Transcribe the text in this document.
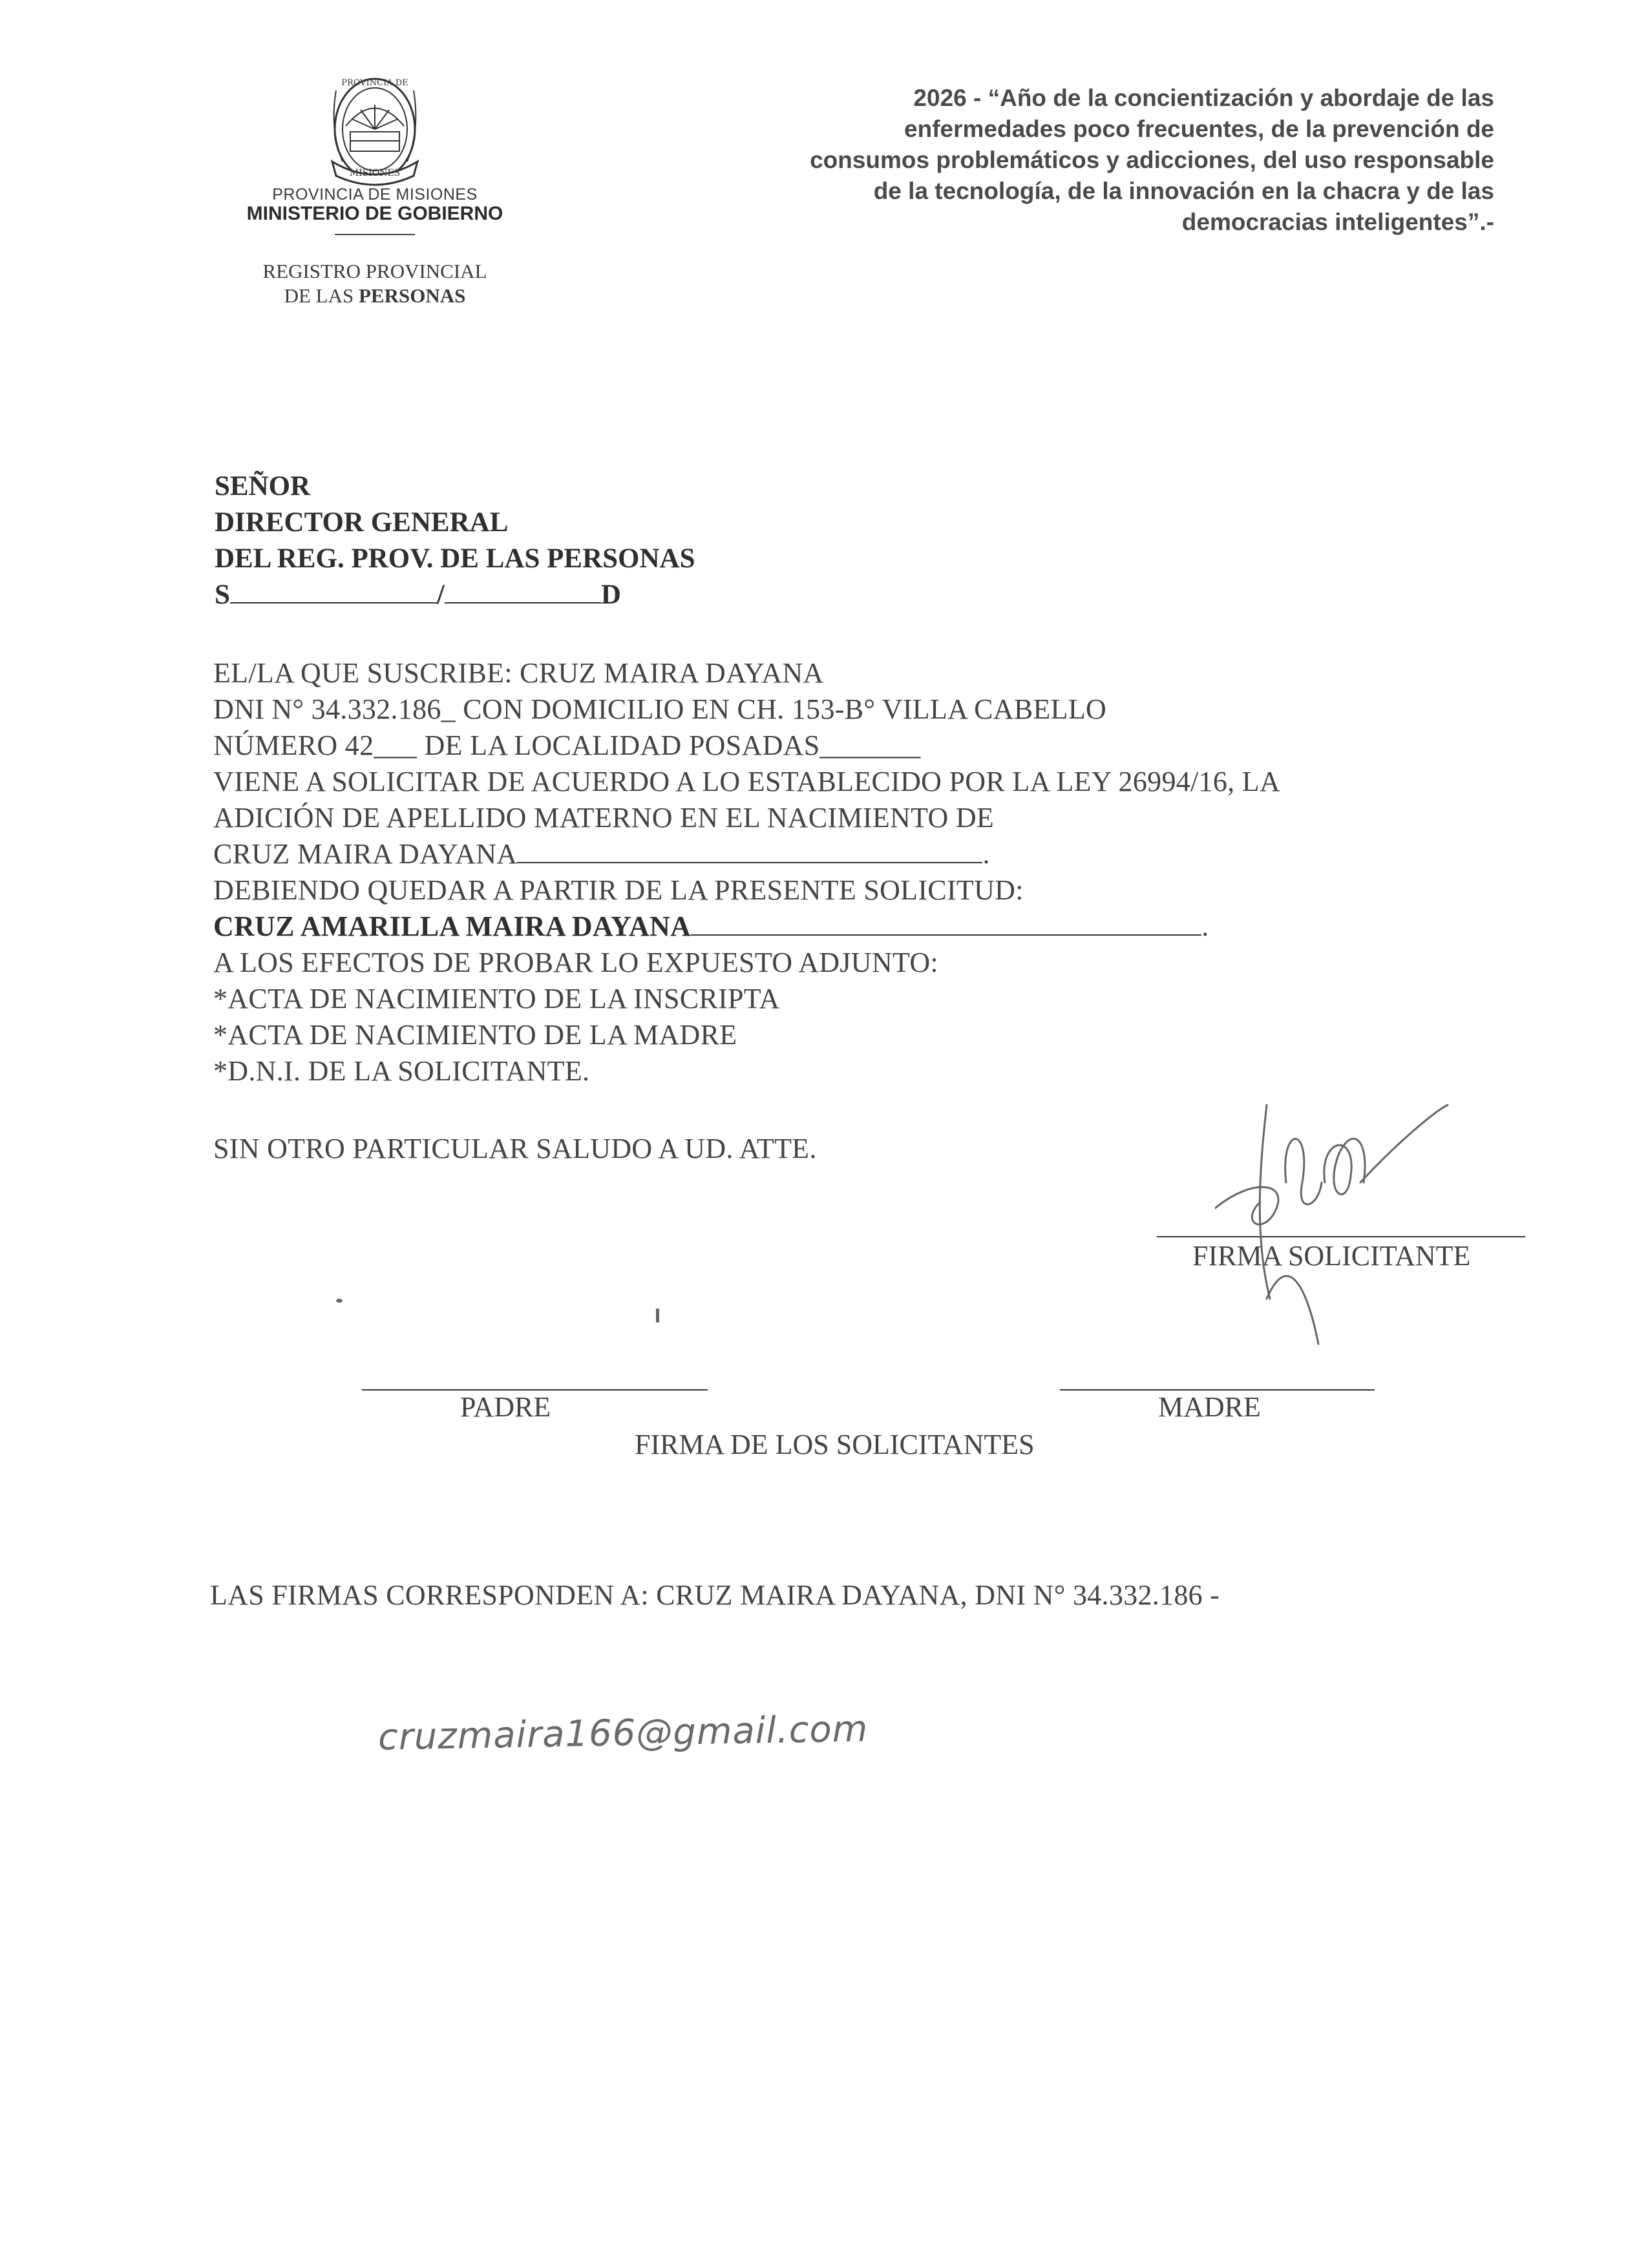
PROVINCIA DE
MISIONES
PROVINCIA DE MISIONES
MINISTERIO DE GOBIERNO
REGISTRO PROVINCIAL
DE LAS PERSONAS
2026 - “Año de la concientización y abordaje de las
enfermedades poco frecuentes, de la prevención de
consumos problemáticos y adicciones, del uso responsable
de la tecnología, de la innovación en la chacra y de las
democracias inteligentes”.-
SEÑOR
DIRECTOR GENERAL
DEL REG. PROV. DE LAS PERSONAS
S	/	D
EL/LA QUE SUSCRIBE: CRUZ MAIRA DAYANA
DNI N° 34.332.186_ CON DOMICILIO EN CH. 153-B° VILLA CABELLO
NÚMERO 42___ DE LA LOCALIDAD POSADAS_______
VIENE A SOLICITAR DE ACUERDO A LO ESTABLECIDO POR LA LEY 26994/16, LA
ADICIÓN DE APELLIDO MATERNO EN EL NACIMIENTO DE
CRUZ MAIRA DAYANA	.
DEBIENDO QUEDAR A PARTIR DE LA PRESENTE SOLICITUD:
CRUZ AMARILLA MAIRA DAYANA	.
A LOS EFECTOS DE PROBAR LO EXPUESTO ADJUNTO:
*ACTA DE NACIMIENTO DE LA INSCRIPTA
*ACTA DE NACIMIENTO DE LA MADRE
*D.N.I. DE LA SOLICITANTE.
SIN OTRO PARTICULAR SALUDO A UD. ATTE.
FIRMA SOLICITANTE
PADRE	MADRE
FIRMA DE LOS SOLICITANTES
LAS FIRMAS CORRESPONDEN A: CRUZ MAIRA DAYANA, DNI N° 34.332.186 -
cruzmaira166@gmail.com
